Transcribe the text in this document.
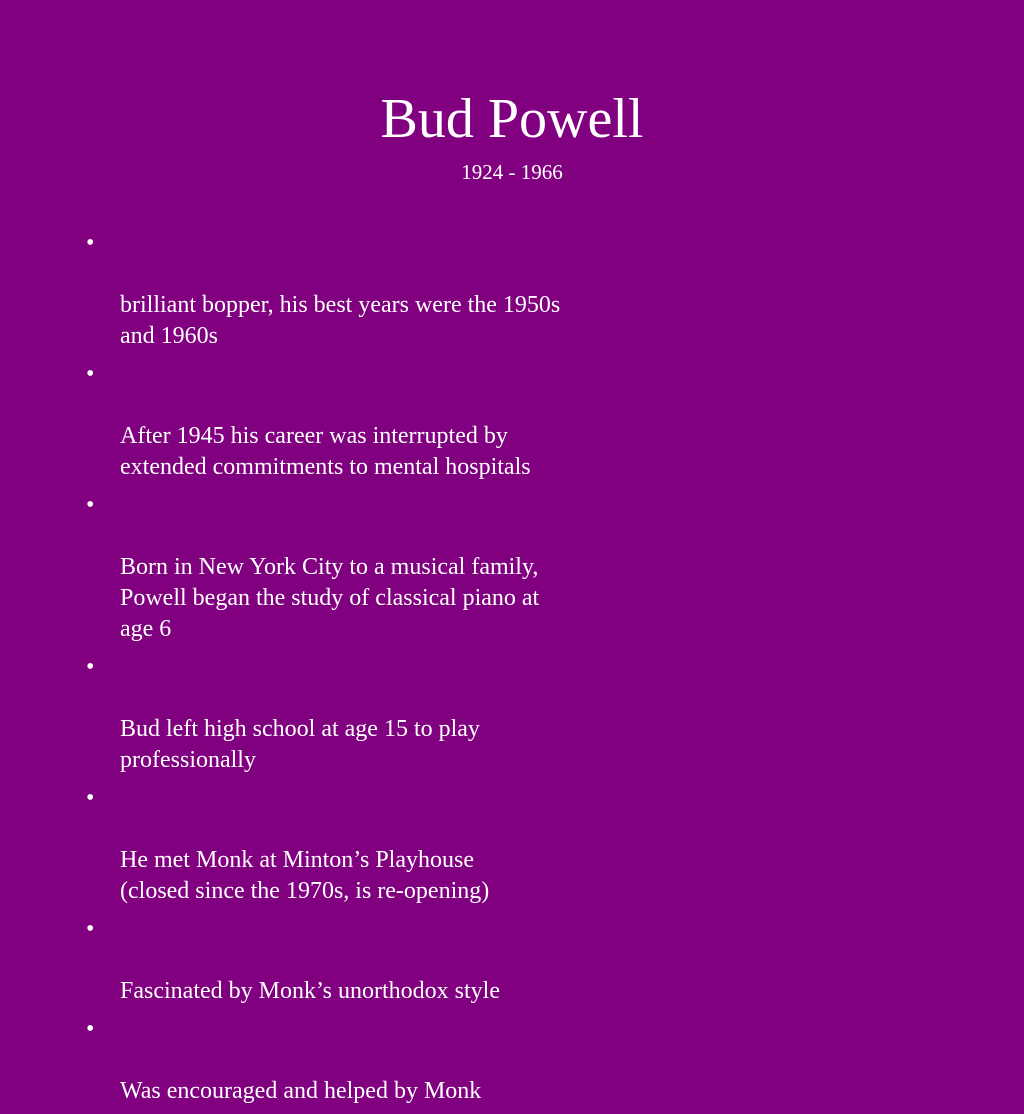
Bud Powell
1924 - 1966

•

brilliant bopper, his best years were the 1950s
and 1960s

•

After 1945 his career was interrupted by
extended commitments to mental hospitals

•

Born in New York City to a musical family,
Powell began the study of classical piano at
age 6

•

Bud left high school at age 15 to play
professionally

•

He met Monk at Minton’s Playhouse
(closed since the 1970s, is re-opening)

•

Fascinated by Monk’s unorthodox style

•

Was encouraged and helped by Monk
